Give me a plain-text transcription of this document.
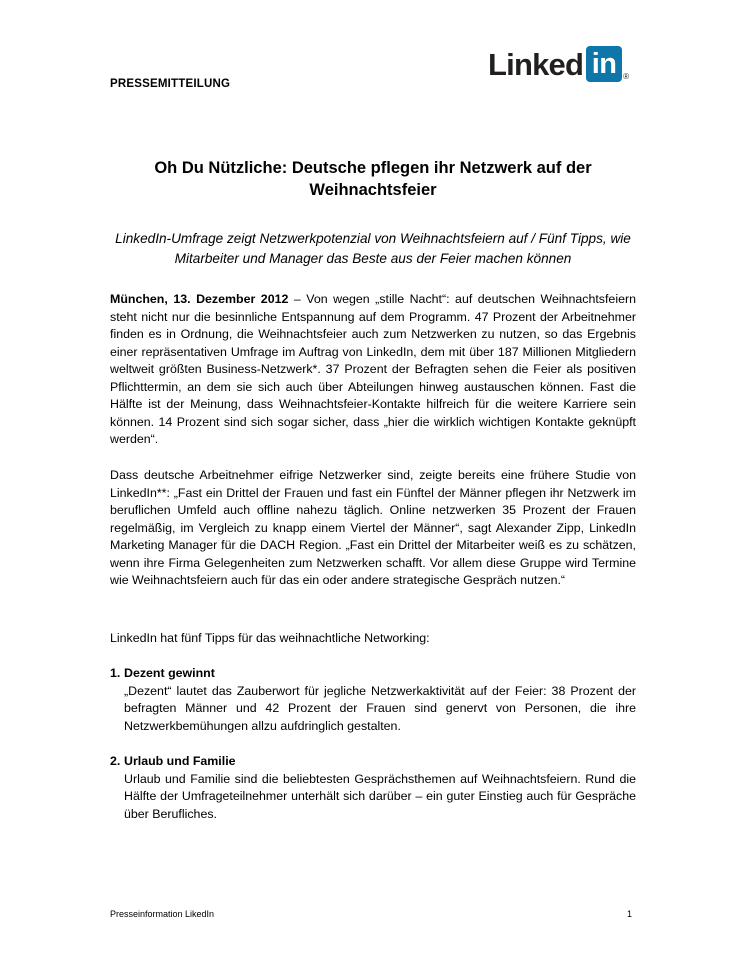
PRESSEMITTEILUNG
Linked in ®
Oh Du Nützliche: Deutsche pflegen ihr Netzwerk auf der Weihnachtsfeier
LinkedIn-Umfrage zeigt Netzwerkpotenzial von Weihnachtsfeiern auf / Fünf Tipps, wie Mitarbeiter und Manager das Beste aus der Feier machen können
München, 13. Dezember 2012 – Von wegen „stille Nacht“: auf deutschen Weihnachtsfeiern steht nicht nur die besinnliche Entspannung auf dem Programm. 47 Prozent der Arbeitnehmer finden es in Ordnung, die Weihnachtsfeier auch zum Netzwerken zu nutzen, so das Ergebnis einer repräsentativen Umfrage im Auftrag von LinkedIn, dem mit über 187 Millionen Mitgliedern weltweit größten Business-Netzwerk*. 37 Prozent der Befragten sehen die Feier als positiven Pflichttermin, an dem sie sich auch über Abteilungen hinweg austauschen können. Fast die Hälfte ist der Meinung, dass Weihnachtsfeier-Kontakte hilfreich für die weitere Karriere sein können. 14 Prozent sind sich sogar sicher, dass „hier die wirklich wichtigen Kontakte geknüpft werden“.
Dass deutsche Arbeitnehmer eifrige Netzwerker sind, zeigte bereits eine frühere Studie von LinkedIn**: „Fast ein Drittel der Frauen und fast ein Fünftel der Männer pflegen ihr Netzwerk im beruflichen Umfeld auch offline nahezu täglich. Online netzwerken 35 Prozent der Frauen regelmäßig, im Vergleich zu knapp einem Viertel der Männer“, sagt Alexander Zipp, LinkedIn Marketing Manager für die DACH Region. „Fast ein Drittel der Mitarbeiter weiß es zu schätzen, wenn ihre Firma Gelegenheiten zum Netzwerken schafft. Vor allem diese Gruppe wird Termine wie Weihnachtsfeiern auch für das ein oder andere strategische Gespräch nutzen.“
LinkedIn hat fünf Tipps für das weihnachtliche Networking:
1. Dezent gewinnt
„Dezent“ lautet das Zauberwort für jegliche Netzwerkaktivität auf der Feier: 38 Prozent der befragten Männer und 42 Prozent der Frauen sind genervt von Personen, die ihre Netzwerkbemühungen allzu aufdringlich gestalten.
2. Urlaub und Familie
Urlaub und Familie sind die beliebtesten Gesprächsthemen auf Weihnachtsfeiern. Rund die Hälfte der Umfrageteilnehmer unterhält sich darüber – ein guter Einstieg auch für Gespräche über Berufliches.
Presseinformation LikedIn	1
